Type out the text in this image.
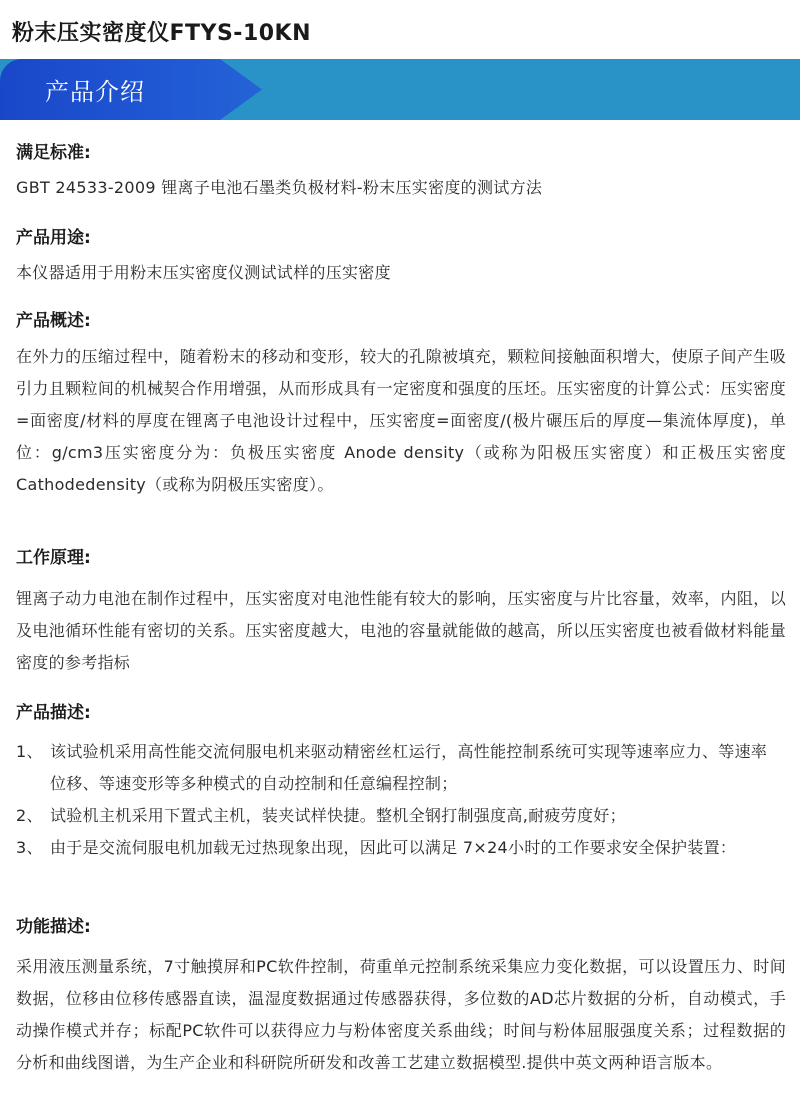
粉末压实密度仪FTYS-10KN
产品介绍
满足标准:
GBT 24533-2009 锂离子电池石墨类负极材料-粉末压实密度的测试方法
产品用途:
本仪器适用于用粉末压实密度仪测试试样的压实密度
产品概述:
在外力的压缩过程中，随着粉末的移动和变形，较大的孔隙被填充，颗粒间接触面积增大，使原子间产生吸引力且颗粒间的机械契合作用增强，从而形成具有一定密度和强度的压坯。压实密度的计算公式：压实密度=面密度/材料的厚度在锂离子电池设计过程中，压实密度=面密度/(极片碾压后的厚度—集流体厚度)，单 位：g/cm3压实密度分为：负极压实密度 Anode density（或称为阳极压实密度）和正极压实密度 Cathodedensity（或称为阴极压实密度）。
工作原理:
锂离子动力电池在制作过程中，压实密度对电池性能有较大的影响，压实密度与片比容量，效率，内阻，以及电池循环性能有密切的关系。压实密度越大，电池的容量就能做的越高，所以压实密度也被看做材料能量密度的参考指标
产品描述:
1、 该试验机采用高性能交流伺服电机来驱动精密丝杠运行，高性能控制系统可实现等速率应力、等速率位移、等速变形等多种模式的自动控制和任意编程控制；
2、 试验机主机采用下置式主机，装夹试样快捷。整机全钢打制强度高,耐疲劳度好；
3、 由于是交流伺服电机加载无过热现象出现，因此可以满足 7×24小时的工作要求安全保护装置：
功能描述:
采用液压测量系统，7寸触摸屏和PC软件控制，荷重单元控制系统采集应力变化数据，可以设置压力、时间数据，位移由位移传感器直读，温湿度数据通过传感器获得，多位数的AD芯片数据的分析，自动模式，手动操作模式并存；标配PC软件可以获得应力与粉体密度关系曲线；时间与粉体屈服强度关系；过程数据的分析和曲线图谱，为生产企业和科研院所研发和改善工艺建立数据模型.提供中英文两种语言版本。
